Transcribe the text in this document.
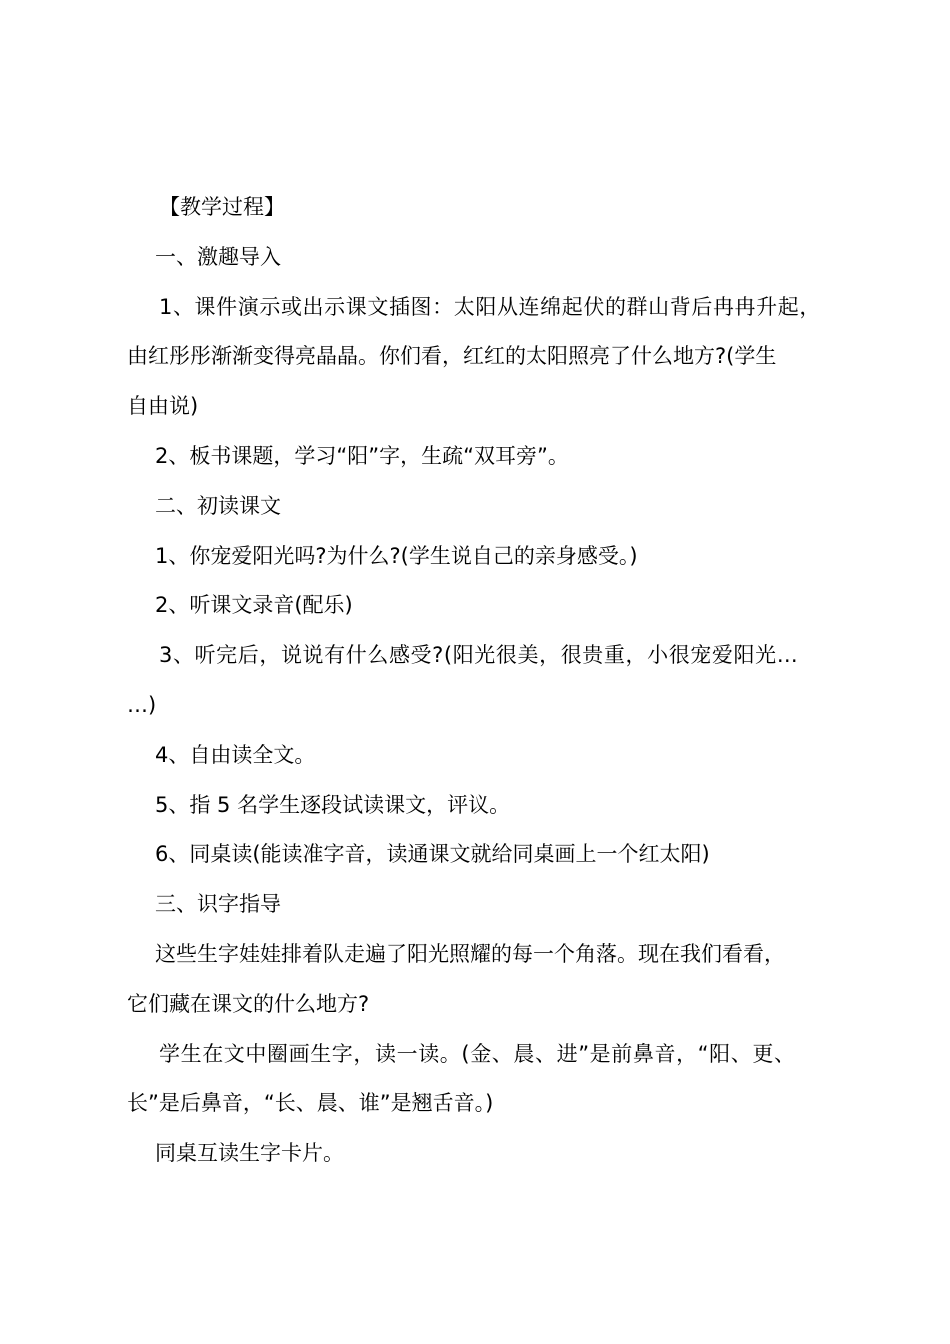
【教学过程】
一、激趣导入
1、课件演示或出示课文插图：太阳从连绵起伏的群山背后冉冉升起，
由红彤彤渐渐变得亮晶晶。你们看，红红的太阳照亮了什么地方?(学生
自由说)
2、板书课题，学习“阳”字，生疏“双耳旁”。
二、初读课文
1、你宠爱阳光吗?为什么?(学生说自己的亲身感受。)
2、听课文录音(配乐)
3、听完后，说说有什么感受?(阳光很美，很贵重，小很宠爱阳光…
…)
4、自由读全文。
5、指 5 名学生逐段试读课文，评议。
6、同桌读(能读准字音，读通课文就给同桌画上一个红太阳)
三、识字指导
这些生字娃娃排着队走遍了阳光照耀的每一个角落。现在我们看看，
它们藏在课文的什么地方?
学生在文中圈画生字，读一读。(金、晨、进”是前鼻音，“阳、更、
长”是后鼻音，“长、晨、谁”是翘舌音。)
同桌互读生字卡片。
